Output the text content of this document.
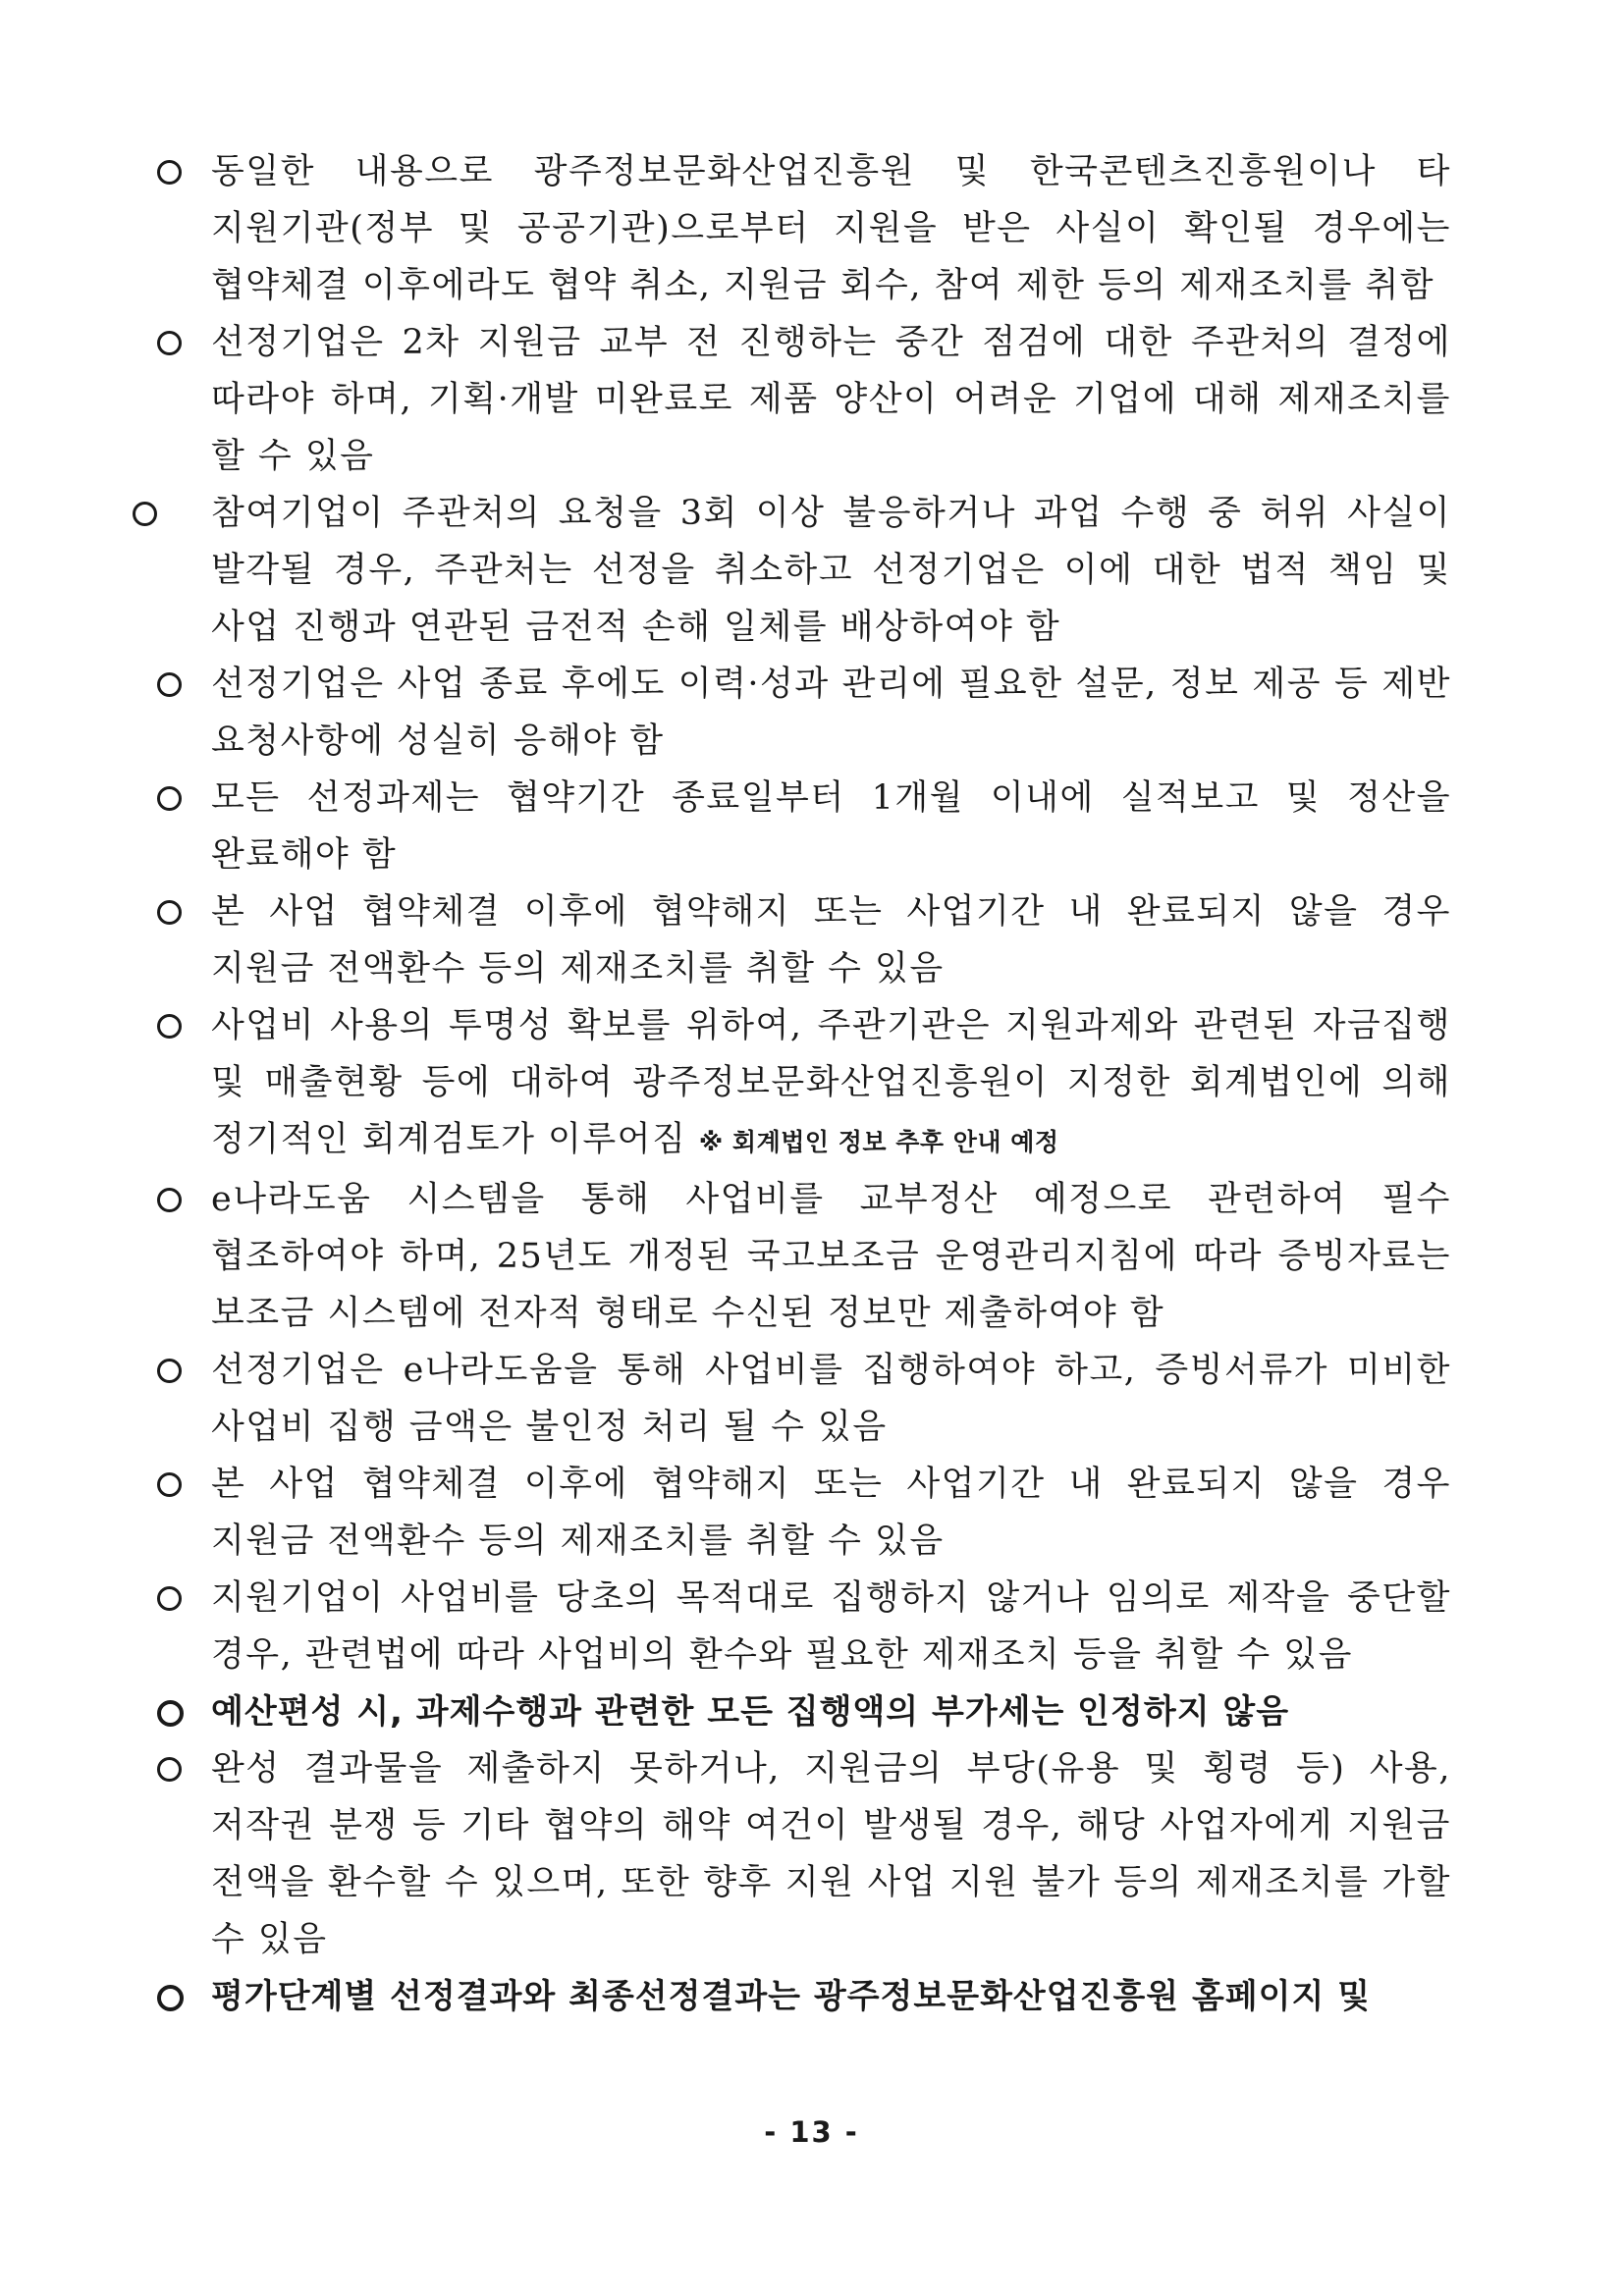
동일한 내용으로 광주정보문화산업진흥원 및 한국콘텐츠진흥원이나 타 지원기관(정부 및 공공기관)으로부터 지원을 받은 사실이 확인될 경우에는 협약체결 이후에라도 협약 취소, 지원금 회수, 참여 제한 등의 제재조치를 취함
선정기업은 2차 지원금 교부 전 진행하는 중간 점검에 대한 주관처의 결정에 따라야 하며, 기획·개발 미완료로 제품 양산이 어려운 기업에 대해 제재조치를 할 수 있음
참여기업이 주관처의 요청을 3회 이상 불응하거나 과업 수행 중 허위 사실이 발각될 경우, 주관처는 선정을 취소하고 선정기업은 이에 대한 법적 책임 및 사업 진행과 연관된 금전적 손해 일체를 배상하여야 함
선정기업은 사업 종료 후에도 이력·성과 관리에 필요한 설문, 정보 제공 등 제반 요청사항에 성실히 응해야 함
모든 선정과제는 협약기간 종료일부터 1개월 이내에 실적보고 및 정산을 완료해야 함
본 사업 협약체결 이후에 협약해지 또는 사업기간 내 완료되지 않을 경우 지원금 전액환수 등의 제재조치를 취할 수 있음
사업비 사용의 투명성 확보를 위하여, 주관기관은 지원과제와 관련된 자금집행 및 매출현황 등에 대하여 광주정보문화산업진흥원이 지정한 회계법인에 의해 정기적인 회계검토가 이루어짐 ※ 회계법인 정보 추후 안내 예정
e나라도움 시스템을 통해 사업비를 교부정산 예정으로 관련하여 필수 협조하여야 하며, 25년도 개정된 국고보조금 운영관리지침에 따라 증빙자료는 보조금 시스템에 전자적 형태로 수신된 정보만 제출하여야 함
선정기업은 e나라도움을 통해 사업비를 집행하여야 하고, 증빙서류가 미비한 사업비 집행 금액은 불인정 처리 될 수 있음
본 사업 협약체결 이후에 협약해지 또는 사업기간 내 완료되지 않을 경우 지원금 전액환수 등의 제재조치를 취할 수 있음
지원기업이 사업비를 당초의 목적대로 집행하지 않거나 임의로 제작을 중단할 경우, 관련법에 따라 사업비의 환수와 필요한 제재조치 등을 취할 수 있음
예산편성 시, 과제수행과 관련한 모든 집행액의 부가세는 인정하지 않음
완성 결과물을 제출하지 못하거나, 지원금의 부당(유용 및 횡령 등) 사용, 저작권 분쟁 등 기타 협약의 해약 여건이 발생될 경우, 해당 사업자에게 지원금 전액을 환수할 수 있으며, 또한 향후 지원 사업 지원 불가 등의 제재조치를 가할 수 있음
평가단계별 선정결과와 최종선정결과는 광주정보문화산업진흥원 홈페이지 및
- 13 -
